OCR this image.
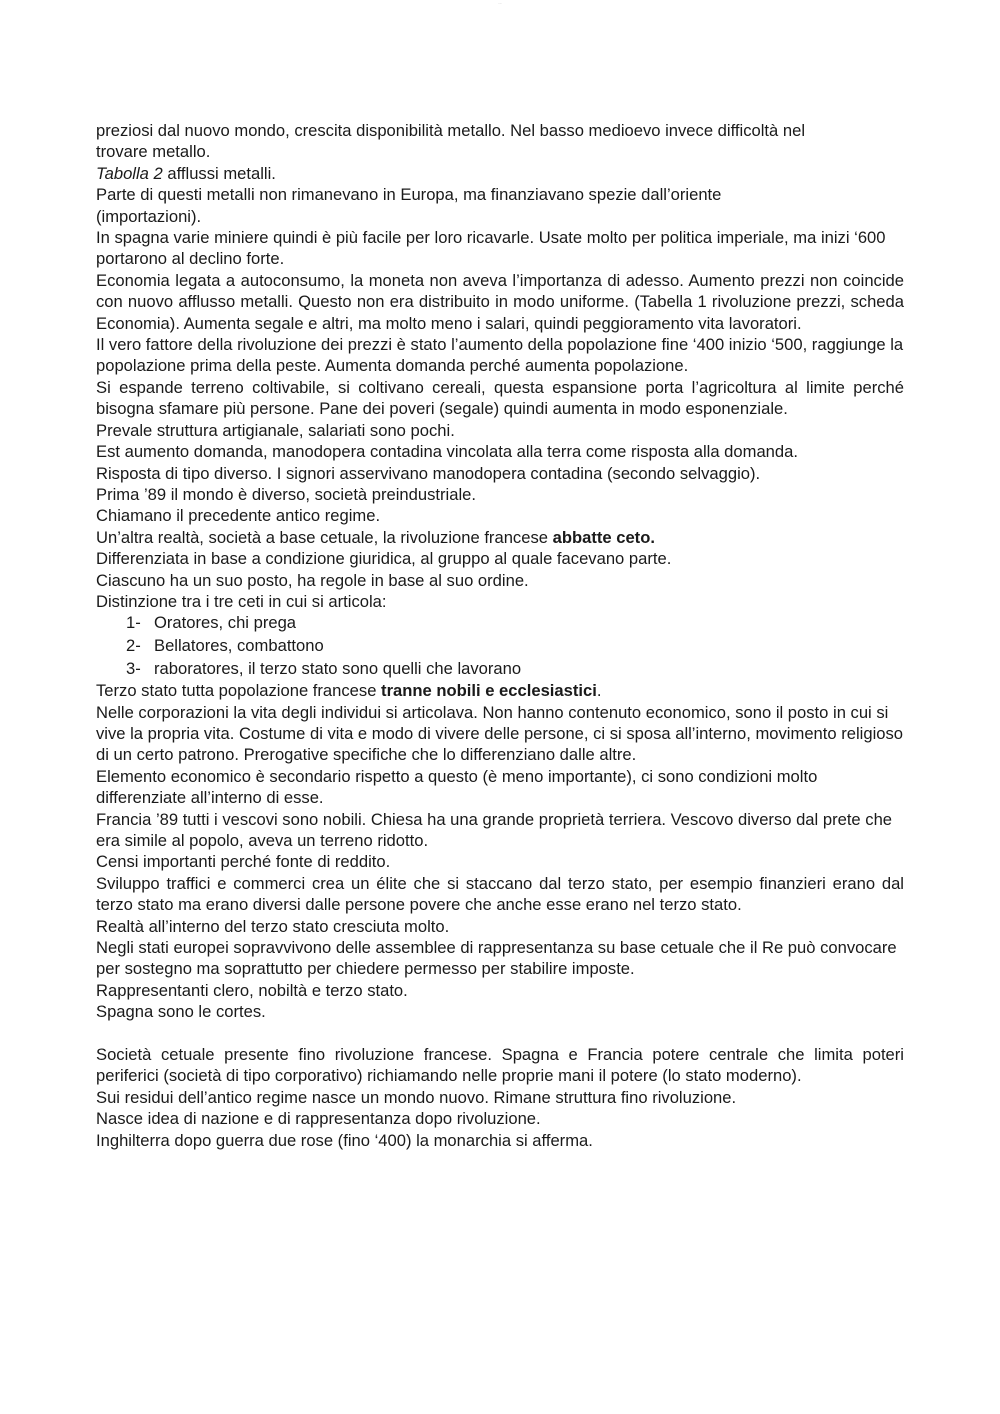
...

preziosi dal nuovo mondo, crescita disponibilità metallo. Nel basso medioevo invece difficoltà nel

trovare metallo.

Tabolla 2 afflussi metalli.

Parte di questi metalli non rimanevano in Europa, ma finanziavano spezie dall’oriente

(importazioni).

In spagna varie miniere quindi è più facile per loro ricavarle. Usate molto per politica imperiale, ma inizi ‘600 portarono al declino forte.

Economia legata a autoconsumo, la moneta non aveva l’importanza di adesso. Aumento prezzi non coincide con nuovo afflusso metalli. Questo non era distribuito in modo uniforme. (Tabella 1 rivoluzione prezzi, scheda Economia). Aumenta segale e altri, ma molto meno i salari, quindi peggioramento vita lavoratori.

Il vero fattore della rivoluzione dei prezzi è stato l’aumento della popolazione fine ‘400 inizio ‘500, raggiunge la popolazione prima della peste. Aumenta domanda perché aumenta popolazione.

Si espande terreno coltivabile, si coltivano cereali, questa espansione porta l’agricoltura al limite perché bisogna sfamare più persone. Pane dei poveri (segale) quindi aumenta in modo esponenziale.

Prevale struttura artigianale, salariati sono pochi.

Est aumento domanda, manodopera contadina vincolata alla terra come risposta alla domanda.

Risposta di tipo diverso. I signori asservivano manodopera contadina (secondo selvaggio).

Prima ’89 il mondo è diverso, società preindustriale.

Chiamano il precedente antico regime.

Un’altra realtà, società a base cetuale, la rivoluzione francese abbatte ceto.

Differenziata in base a condizione giuridica, al gruppo al quale facevano parte.

Ciascuno ha un suo posto, ha regole in base al suo ordine.

Distinzione tra i tre ceti in cui si articola:

1- Oratores, chi prega
2- Bellatores, combattono
3- raboratores, il terzo stato sono quelli che lavorano

Terzo stato tutta popolazione francese tranne nobili e ecclesiastici.

Nelle corporazioni la vita degli individui si articolava. Non hanno contenuto economico, sono il posto in cui si vive la propria vita. Costume di vita e modo di vivere delle persone, ci si sposa all’interno, movimento religioso di un certo patrono. Prerogative specifiche che lo differenziano dalle altre.

Elemento economico è secondario rispetto a questo (è meno importante), ci sono condizioni molto differenziate all’interno di esse.

Francia ’89 tutti i vescovi sono nobili. Chiesa ha una grande proprietà terriera. Vescovo diverso dal prete che era simile al popolo, aveva un terreno ridotto.

Censi importanti perché fonte di reddito.

Sviluppo traffici e commerci crea un élite che si staccano dal terzo stato, per esempio finanzieri erano dal terzo stato ma erano diversi dalle persone povere che anche esse erano nel terzo stato.

Realtà all’interno del terzo stato cresciuta molto.

Negli stati europei sopravvivono delle assemblee di rappresentanza su base cetuale che il Re può convocare per sostegno ma soprattutto per chiedere permesso per stabilire imposte.

Rappresentanti clero, nobiltà e terzo stato.

Spagna sono le cortes.

Società cetuale presente fino rivoluzione francese. Spagna e Francia potere centrale che limita poteri periferici (società di tipo corporativo) richiamando nelle proprie mani il potere (lo stato moderno).

Sui residui dell’antico regime nasce un mondo nuovo. Rimane struttura fino rivoluzione.

Nasce idea di nazione e di rappresentanza dopo rivoluzione.

Inghilterra dopo guerra due rose (fino ‘400) la monarchia si afferma.
